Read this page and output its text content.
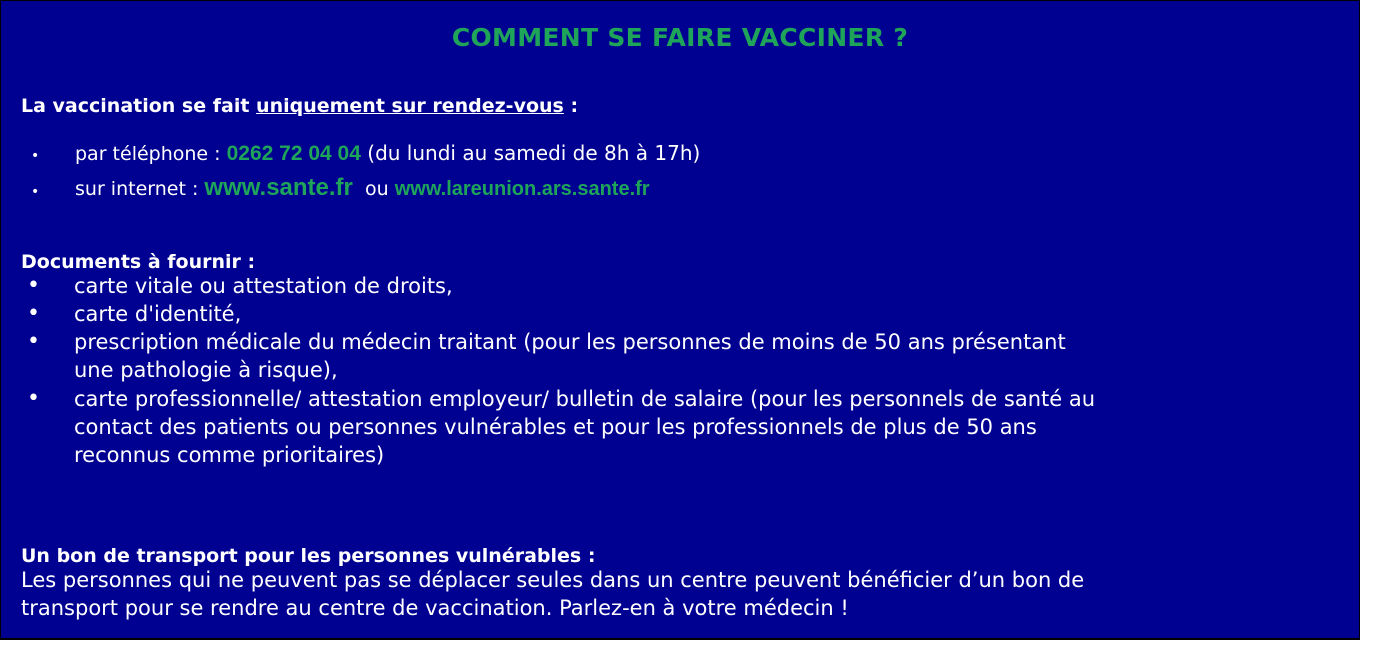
COMMENT SE FAIRE VACCINER ?
La vaccination se fait uniquement sur rendez-vous :
• par téléphone : 0262 72 04 04 (du lundi au samedi de 8h à 17h)
• sur internet : www.sante.fr ou www.lareunion.ars.sante.fr
Documents à fournir :
• carte vitale ou attestation de droits,
• carte d'identité,
• prescription médicale du médecin traitant (pour les personnes de moins de 50 ans présentant
une pathologie à risque),
• carte professionnelle/ attestation employeur/ bulletin de salaire (pour les personnels de santé au
contact des patients ou personnes vulnérables et pour les professionnels de plus de 50 ans
reconnus comme prioritaires)
Un bon de transport pour les personnes vulnérables :
Les personnes qui ne peuvent pas se déplacer seules dans un centre peuvent bénéficier d’un bon de
transport pour se rendre au centre de vaccination. Parlez-en à votre médecin !
